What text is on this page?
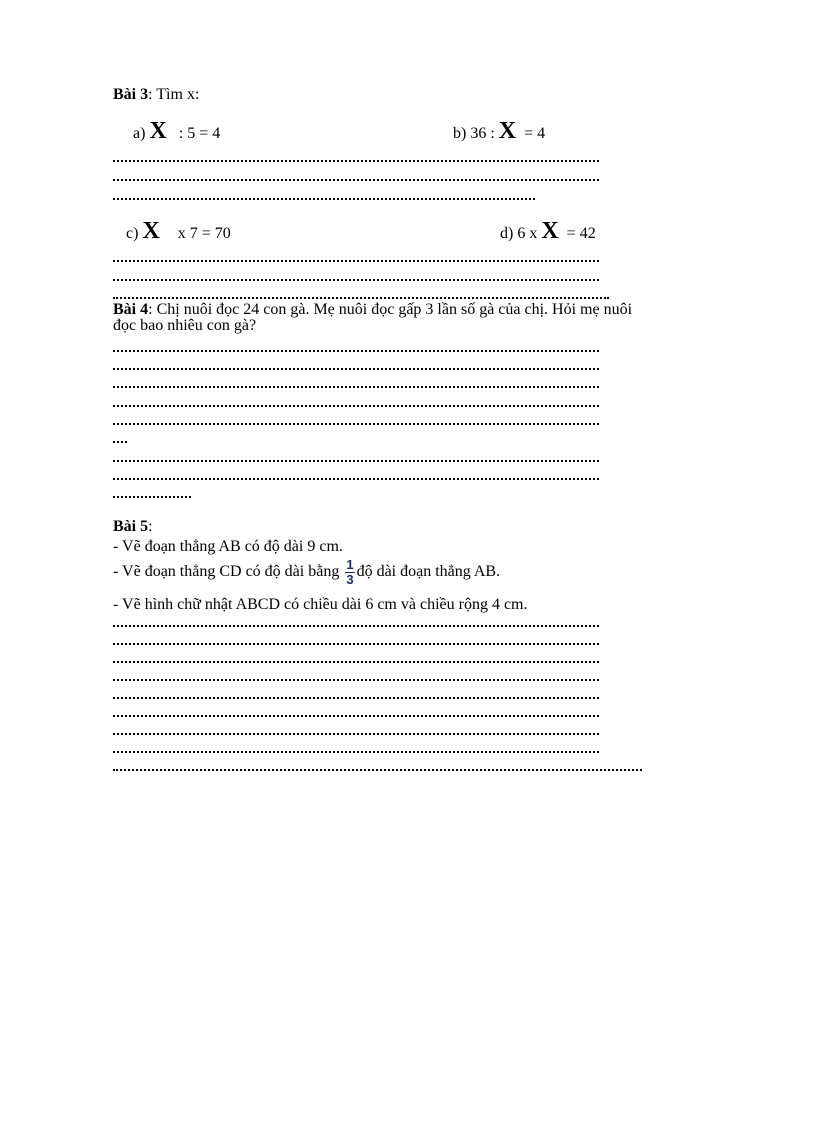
Bài 3: Tìm x:
a) X : 5 = 4	b) 36 : X = 4
c) X x 7 = 70	d) 6 x X = 42
Bài 4: Chị nuôi đọc 24 con gà. Mẹ nuôi đọc gấp 3 lần số gà của chị. Hỏi mẹ nuôi
đọc bao nhiêu con gà?
Bài 5:
- Vẽ đoạn thẳng AB có độ dài 9 cm.
- Vẽ đoạn thẳng CD có độ dài bằng $\frac{1}{3}$ độ dài đoạn thẳng AB.
- Vẽ hình chữ nhật ABCD có chiều dài 6 cm và chiều rộng 4 cm.
